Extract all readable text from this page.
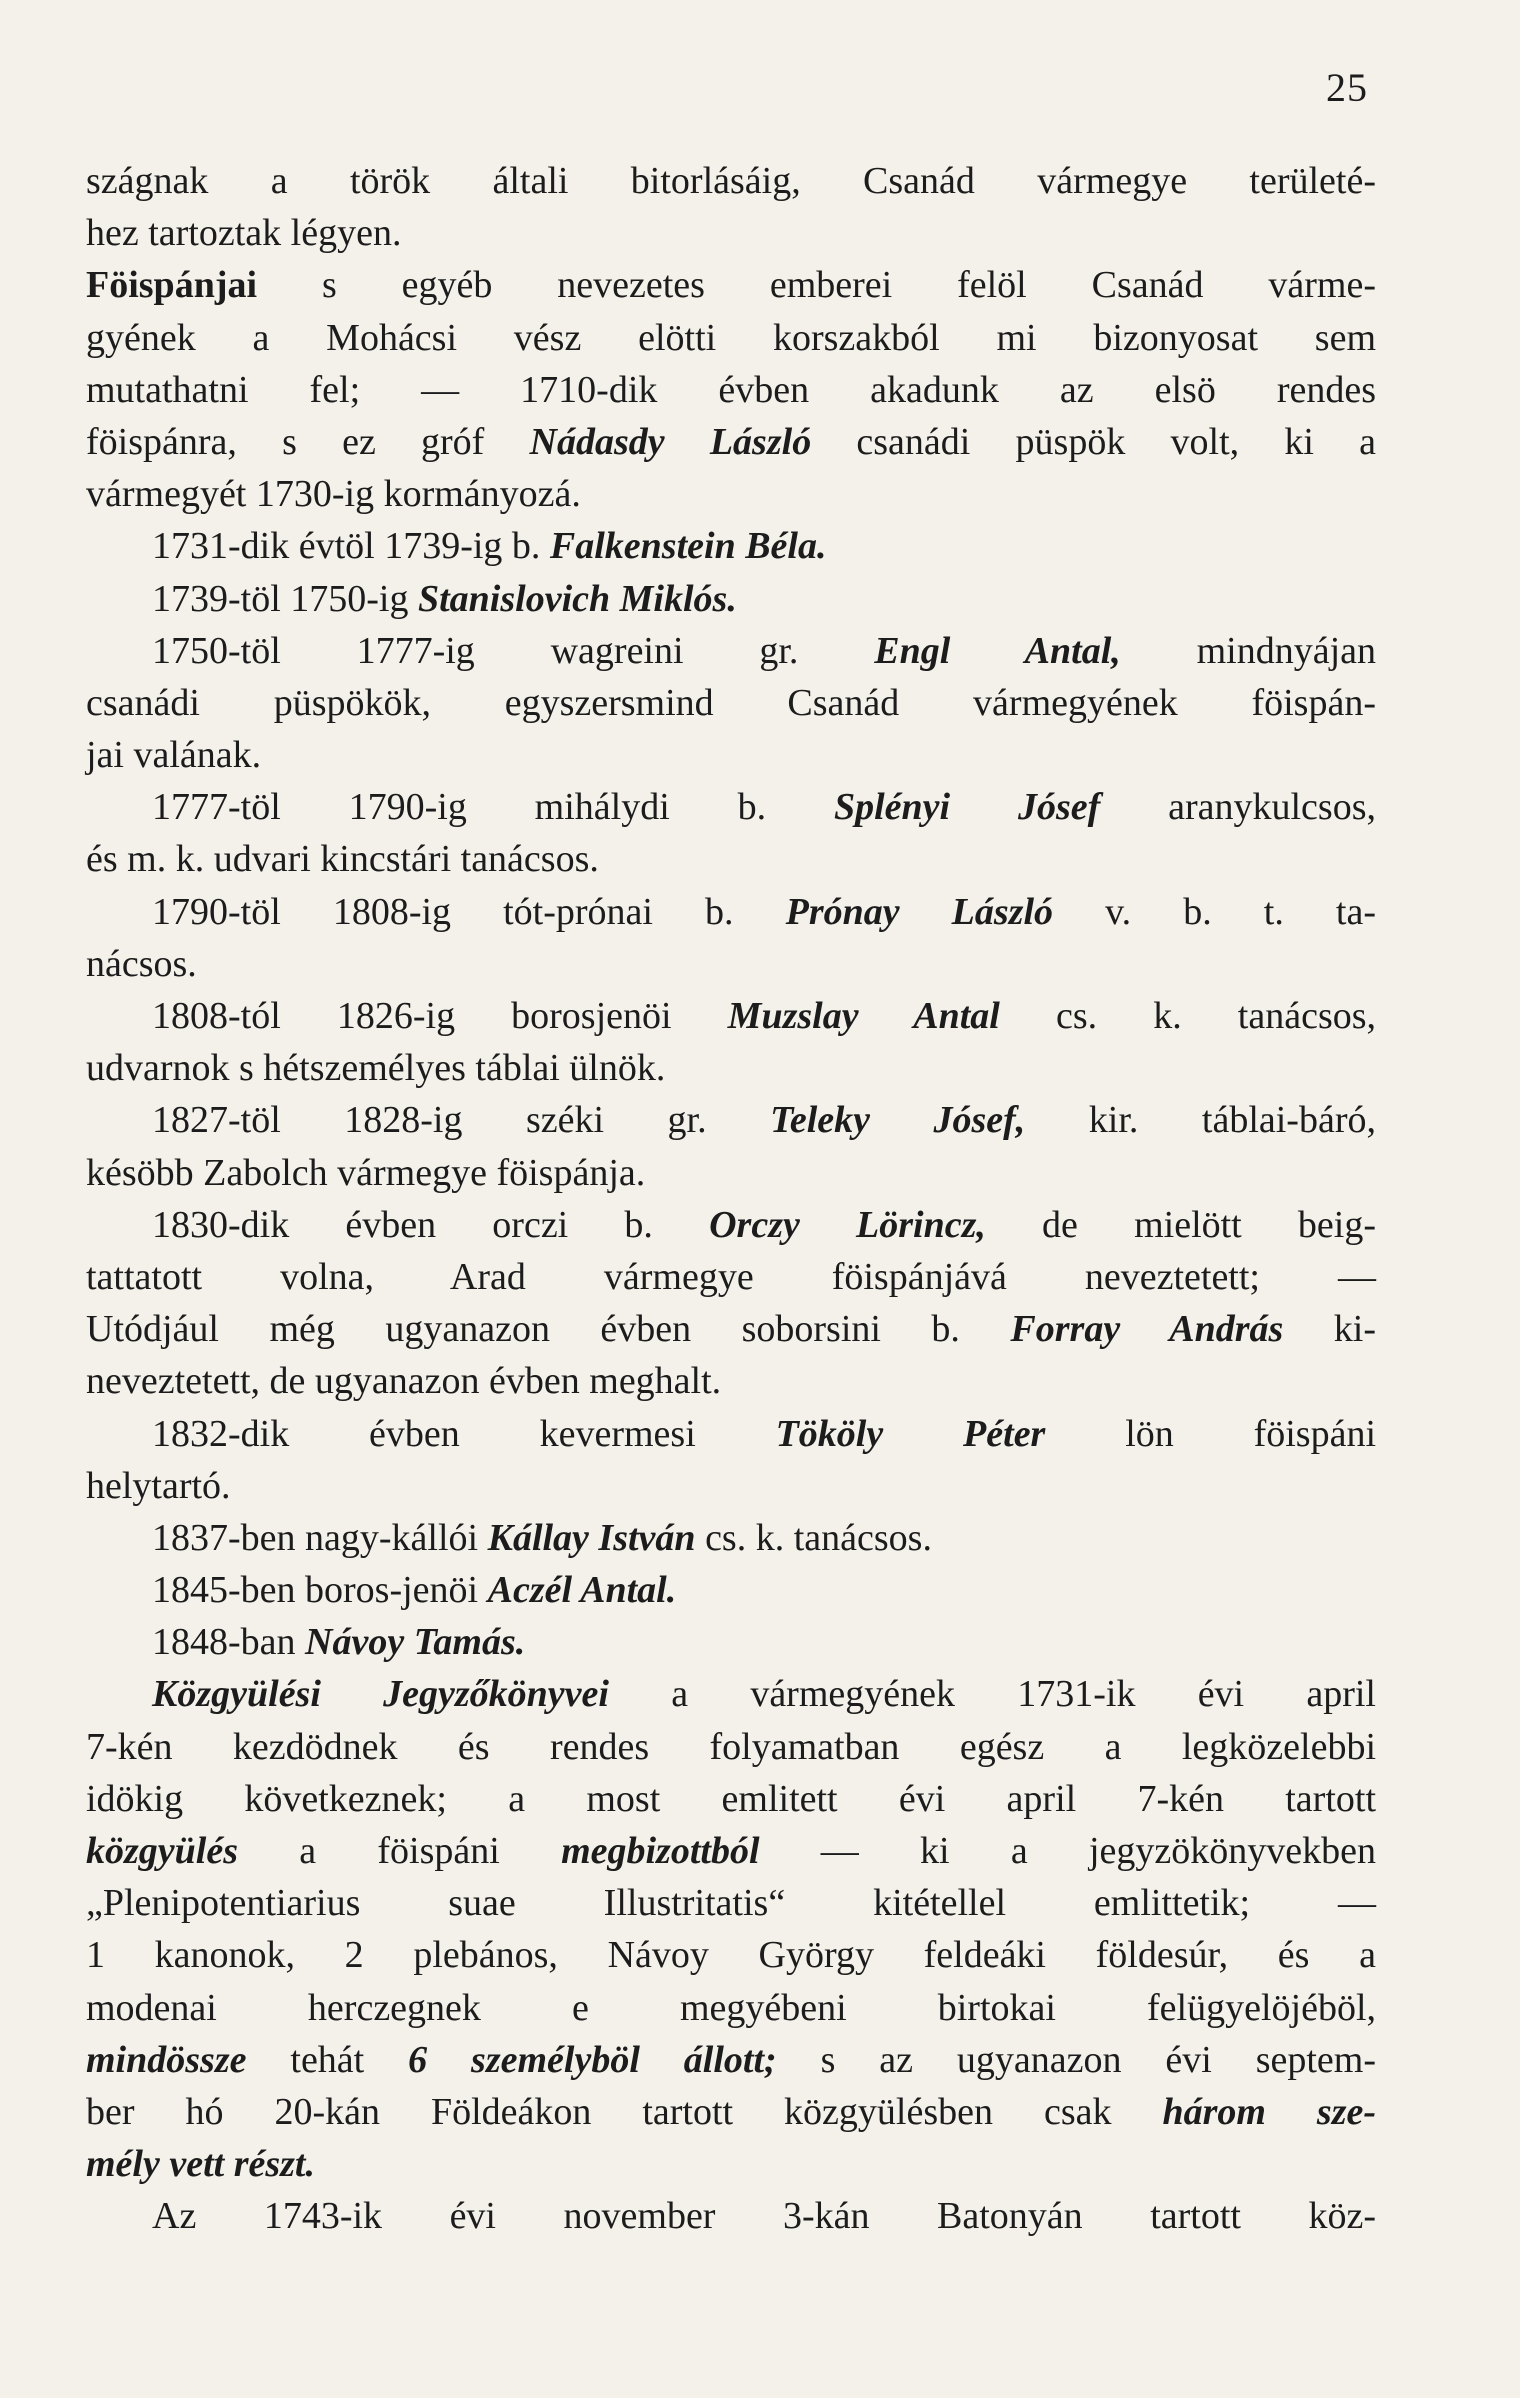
25
szágnak a török általi bitorlásáig, Csanád vármegye területé-
hez tartoztak légyen.
Föispánjai s egyéb nevezetes emberei felöl Csanád várme-
gyének a Mohácsi vész elötti korszakból mi bizonyosat sem
mutathatni fel; — 1710-dik évben akadunk az elsö rendes
föispánra, s ez gróf Nádasdy László csanádi püspök volt, ki a
vármegyét 1730-ig kormányozá.
1731-dik évtöl 1739-ig b. Falkenstein Béla.
1739-töl 1750-ig Stanislovich Miklós.
1750-töl 1777-ig wagreini gr. Engl Antal, mindnyájan
csanádi püspökök, egyszersmind Csanád vármegyének föispán-
jai valának.
1777-töl 1790-ig mihálydi b. Splényi Jósef aranykulcsos,
és m. k. udvari kincstári tanácsos.
1790-töl 1808-ig tót-prónai b. Prónay László v. b. t. ta-
nácsos.
1808-tól 1826-ig borosjenöi Muzslay Antal cs. k. tanácsos,
udvarnok s hétszemélyes táblai ülnök.
1827-töl 1828-ig széki gr. Teleky Jósef, kir. táblai-báró,
késöbb Zabolch vármegye föispánja.
1830-dik évben orczi b. Orczy Lörincz, de mielött beig-
tattatott volna, Arad vármegye föispánjává neveztetett; —
Utódjául még ugyanazon évben soborsini b. Forray András ki-
neveztetett, de ugyanazon évben meghalt.
1832-dik évben kevermesi Tököly Péter lön föispáni
helytartó.
1837-ben nagy-kállói Kállay István cs. k. tanácsos.
1845-ben boros-jenöi Aczél Antal.
1848-ban Návoy Tamás.
Közgyülési Jegyzőkönyvei a vármegyének 1731-ik évi april
7-kén kezdödnek és rendes folyamatban egész a legközelebbi
idökig következnek; a most emlitett évi april 7-kén tartott
közgyülés a föispáni megbizottból — ki a jegyzökönyvekben
„Plenipotentiarius suae Illustritatis“ kitétellel emlittetik; —
1 kanonok, 2 plebános, Návoy György feldeáki földesúr, és a
modenai herczegnek e megyébeni birtokai felügyelöjéböl,
mindössze tehát 6 személyböl állott; s az ugyanazon évi septem-
ber hó 20-kán Földeákon tartott közgyülésben csak három sze-
mély vett részt.
Az 1743-ik évi november 3-kán Batonyán tartott köz-
